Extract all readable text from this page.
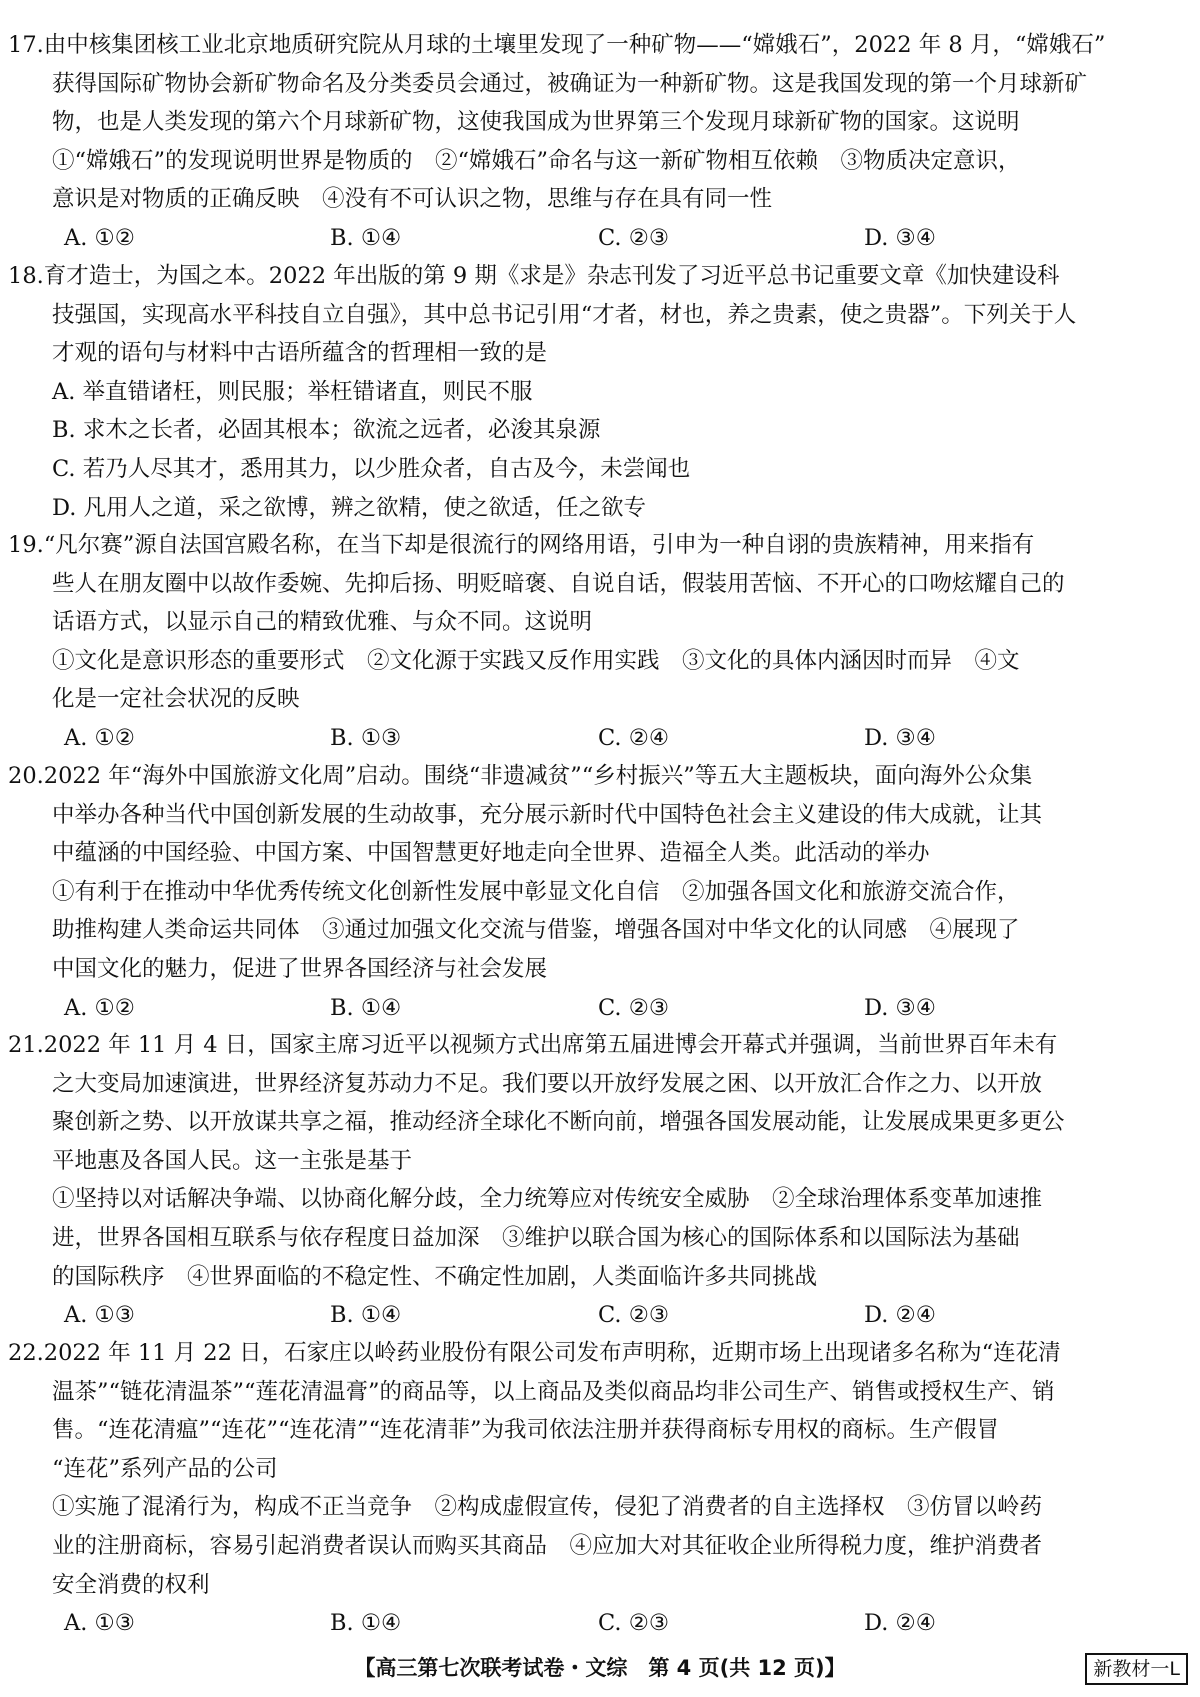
17.由中核集团核工业北京地质研究院从月球的土壤里发现了一种矿物——“嫦娥石”，2022 年 8 月，“嫦娥石”
获得国际矿物协会新矿物命名及分类委员会通过，被确证为一种新矿物。这是我国发现的第一个月球新矿
物，也是人类发现的第六个月球新矿物，这使我国成为世界第三个发现月球新矿物的国家。这说明
①“嫦娥石”的发现说明世界是物质的　②“嫦娥石”命名与这一新矿物相互依赖　③物质决定意识，
意识是对物质的正确反映　④没有不可认识之物，思维与存在具有同一性
A. ①②	B. ①④	C. ②③	D. ③④
18.育才造士，为国之本。2022 年出版的第 9 期《求是》杂志刊发了习近平总书记重要文章《加快建设科
技强国，实现高水平科技自立自强》，其中总书记引用“才者，材也，养之贵素，使之贵器”。下列关于人
才观的语句与材料中古语所蕴含的哲理相一致的是
A. 举直错诸枉，则民服；举枉错诸直，则民不服
B. 求木之长者，必固其根本；欲流之远者，必浚其泉源
C. 若乃人尽其才，悉用其力，以少胜众者，自古及今，未尝闻也
D. 凡用人之道，采之欲博，辨之欲精，使之欲适，任之欲专
19.“凡尔赛”源自法国宫殿名称，在当下却是很流行的网络用语，引申为一种自诩的贵族精神，用来指有
些人在朋友圈中以故作委婉、先抑后扬、明贬暗褒、自说自话，假装用苦恼、不开心的口吻炫耀自己的
话语方式，以显示自己的精致优雅、与众不同。这说明
①文化是意识形态的重要形式　②文化源于实践又反作用实践　③文化的具体内涵因时而异　④文
化是一定社会状况的反映
A. ①②	B. ①③	C. ②④	D. ③④
20.2022 年“海外中国旅游文化周”启动。围绕“非遗减贫”“乡村振兴”等五大主题板块，面向海外公众集
中举办各种当代中国创新发展的生动故事，充分展示新时代中国特色社会主义建设的伟大成就，让其
中蕴涵的中国经验、中国方案、中国智慧更好地走向全世界、造福全人类。此活动的举办
①有利于在推动中华优秀传统文化创新性发展中彰显文化自信　②加强各国文化和旅游交流合作，
助推构建人类命运共同体　③通过加强文化交流与借鉴，增强各国对中华文化的认同感　④展现了
中国文化的魅力，促进了世界各国经济与社会发展
A. ①②	B. ①④	C. ②③	D. ③④
21.2022 年 11 月 4 日，国家主席习近平以视频方式出席第五届进博会开幕式并强调，当前世界百年未有
之大变局加速演进，世界经济复苏动力不足。我们要以开放纾发展之困、以开放汇合作之力、以开放
聚创新之势、以开放谋共享之福，推动经济全球化不断向前，增强各国发展动能，让发展成果更多更公
平地惠及各国人民。这一主张是基于
①坚持以对话解决争端、以协商化解分歧，全力统筹应对传统安全威胁　②全球治理体系变革加速推
进，世界各国相互联系与依存程度日益加深　③维护以联合国为核心的国际体系和以国际法为基础
的国际秩序　④世界面临的不稳定性、不确定性加剧，人类面临许多共同挑战
A. ①③	B. ①④	C. ②③	D. ②④
22.2022 年 11 月 22 日，石家庄以岭药业股份有限公司发布声明称，近期市场上出现诸多名称为“连花清
温茶”“链花清温茶”“莲花清温膏”的商品等，以上商品及类似商品均非公司生产、销售或授权生产、销
售。“连花清瘟”“连花”“连花清”“连花清菲”为我司依法注册并获得商标专用权的商标。生产假冒
“连花”系列产品的公司
①实施了混淆行为，构成不正当竞争　②构成虚假宣传，侵犯了消费者的自主选择权　③仿冒以岭药
业的注册商标，容易引起消费者误认而购买其商品　④应加大对其征收企业所得税力度，维护消费者
安全消费的权利
A. ①③	B. ①④	C. ②③	D. ②④
【高三第七次联考试卷・文综　第 4 页(共 12 页)】	新教材一L
